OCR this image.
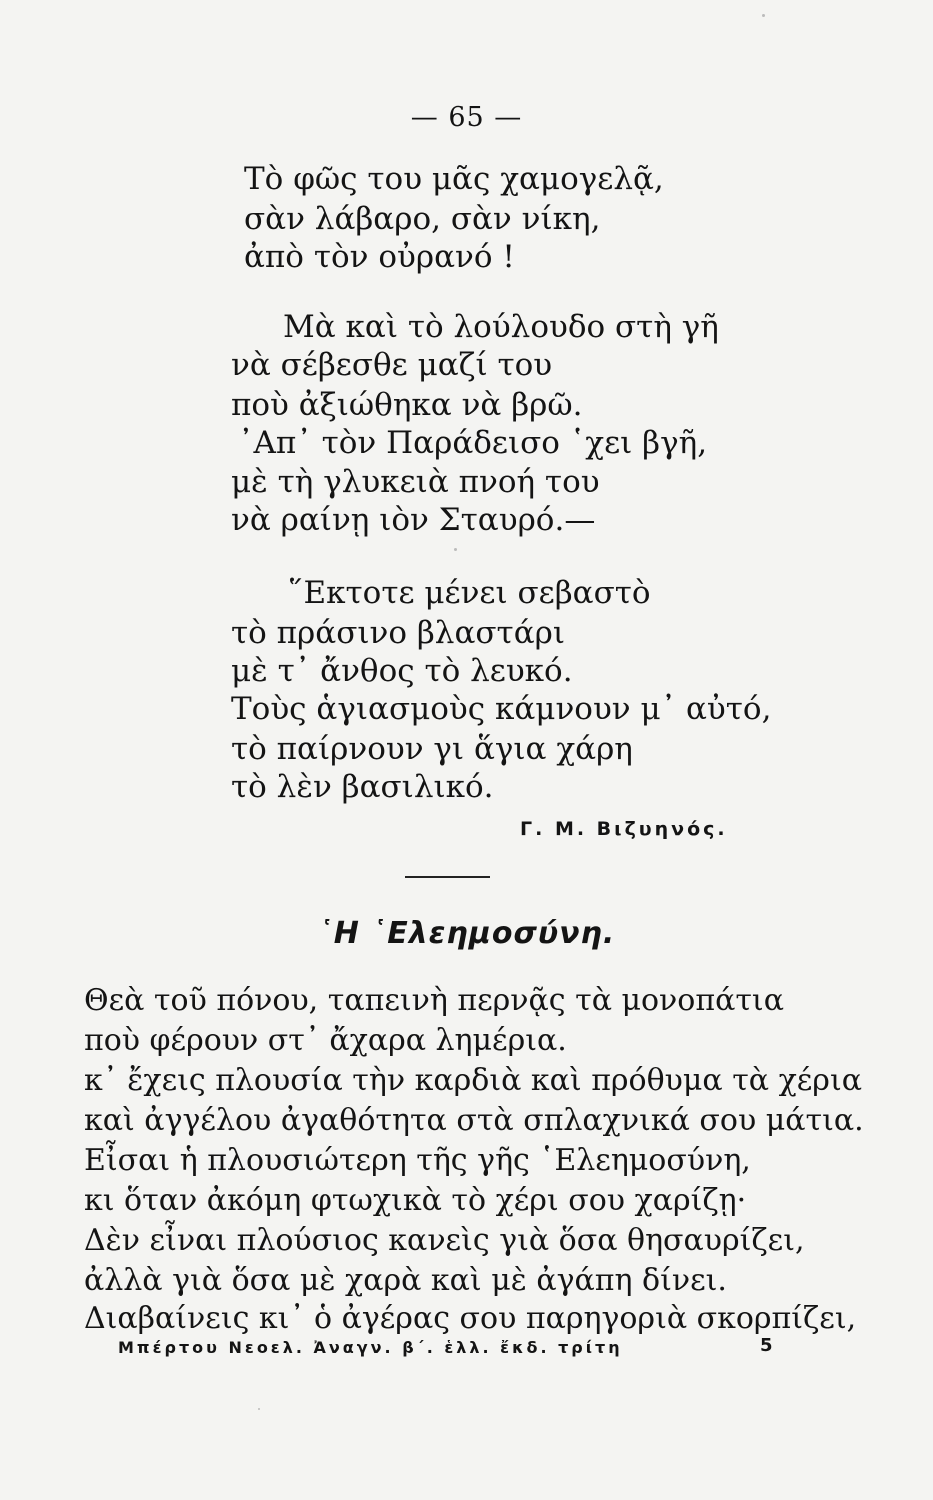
— 65 —
Τὸ φῶς του μᾶς χαμογελᾷ,
σὰν λάβαρο, σὰν νίκη,
ἀπὸ τὸν οὐρανό !
Μὰ καὶ τὸ λούλουδο στὴ γῆ
νὰ σέβεσθε μαζί του
ποὺ ἀξιώθηκα νὰ βρῶ.
᾿Απ᾿ τὸν Παράδεισο ῾χει βγῆ,
μὲ τὴ γλυκειὰ πνοή του
νὰ ραίνῃ ιὸν Σταυρό.—
῞Εκτοτε μένει σεβαστὸ
τὸ πράσινο βλαστάρι
μὲ τ᾿ ἄνθος τὸ λευκό.
Τοὺς ἁγιασμοὺς κάμνουν μ᾿ αὐτό,
τὸ παίρνουν γι ἅγια χάρη
τὸ λὲν βασιλικό.
Γ. Μ. Βιζυηνός.
῾Η ῾Ελεημοσύνη.
Θεὰ τοῦ πόνου, ταπεινὴ περνᾷς τὰ μονοπάτια
ποὺ φέρουν στ᾿ ἄχαρα λημέρια.
κ᾿ ἔχεις πλουσία τὴν καρδιὰ καὶ πρόθυμα τὰ χέρια
καὶ ἀγγέλου ἀγαθότητα στὰ σπλαχνικά σου μάτια.
Εἶσαι ἡ πλουσιώτερη τῆς γῆς ῾Ελεημοσύνη,
κι ὅταν ἀκόμη φτωχικὰ τὸ χέρι σου χαρίζῃ·
Δὲν εἶναι πλούσιος κανεὶς γιὰ ὅσα θησαυρίζει,
ἀλλὰ γιὰ ὅσα μὲ χαρὰ καὶ μὲ ἀγάπη δίνει.
Διαβαίνεις κι᾿ ὁ ἀγέρας σου παρηγοριὰ σκορπίζει,
Μπέρτου Νεοελ. Ἀναγν. β΄. ἑλλ. ἔκδ. τρίτη	5
